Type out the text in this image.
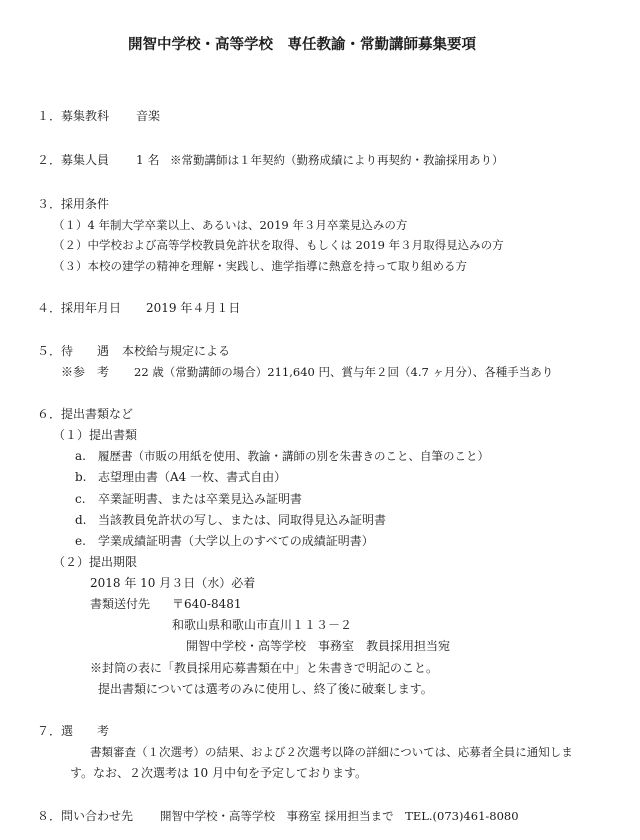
開智中学校・高等学校　専任教諭・常勤講師募集要項
１．募集教科 音楽
２．募集人員 1 名 ※常勤講師は１年契約（勤務成績により再契約・教諭採用あり）
３．採用条件
（１）4 年制大学卒業以上、あるいは、2019 年３月卒業見込みの方
（２）中学校および高等学校教員免許状を取得、もしくは 2019 年３月取得見込みの方
（３）本校の建学の精神を理解・実践し、進学指導に熱意を持って取り組める方
４．採用年月日 2019 年４月１日
５．待　　遇 本校給与規定による
※参　考 22 歳（常勤講師の場合）211,640 円、賞与年２回（4.7 ヶ月分）、各種手当あり
６．提出書類など
（１）提出書類
a. 履歴書（市販の用紙を使用、教諭・講師の別を朱書きのこと、自筆のこと）
b. 志望理由書（A4 一枚、書式自由）
c. 卒業証明書、または卒業見込み証明書
d. 当該教員免許状の写し、または、同取得見込み証明書
e. 学業成績証明書（大学以上のすべての成績証明書）
（２）提出期限
2018 年 10 月３日（水）必着
書類送付先 〒640-8481
和歌山県和歌山市直川１１３－２
開智中学校・高等学校　事務室　教員採用担当宛
※封筒の表に「教員採用応募書類在中」と朱書きで明記のこと。
提出書類については選考のみに使用し、終了後に破棄します。
７．選　　考
書類審査（１次選考）の結果、および２次選考以降の詳細については、応募者全員に通知しま
す。なお、２次選考は 10 月中旬を予定しております。
８．問い合わせ先 開智中学校・高等学校　事務室 採用担当まで　TEL.(073)461-8080
